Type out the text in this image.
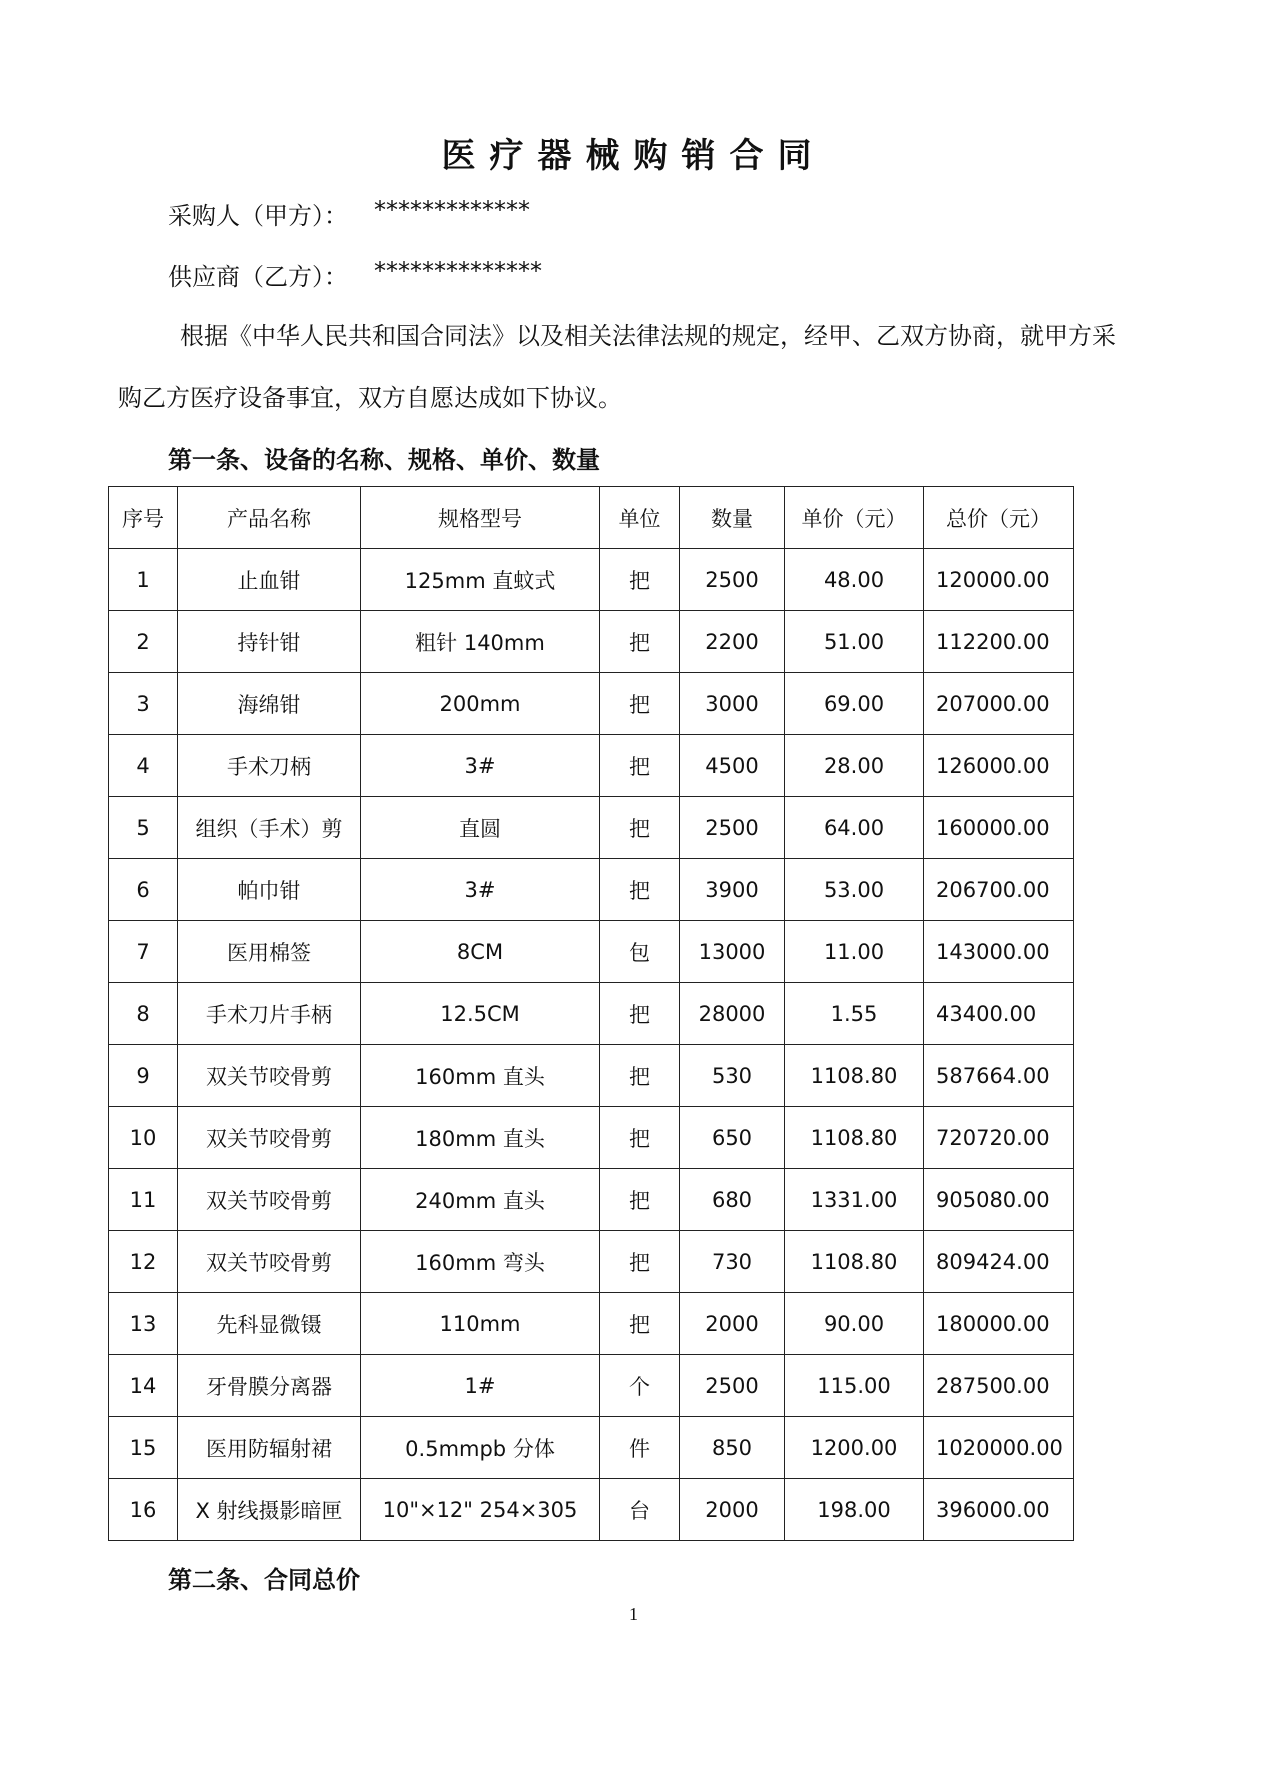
医疗器械购销合同
采购人（甲方）： *************
供应商（乙方）： **************
根据《中华人民共和国合同法》以及相关法律法规的规定，经甲、乙双方协商，就甲方采
购乙方医疗设备事宜，双方自愿达成如下协议。
第一条、设备的名称、规格、单价、数量
序号	产品名称	规格型号	单位	数量	单价（元）	总价（元）
1	止血钳	125mm 直蚊式	把	2500	48.00	120000.00
2	持针钳	粗针 140mm	把	2200	51.00	112200.00
3	海绵钳	200mm	把	3000	69.00	207000.00
4	手术刀柄	3#	把	4500	28.00	126000.00
5	组织（手术）剪	直圆	把	2500	64.00	160000.00
6	帕巾钳	3#	把	3900	53.00	206700.00
7	医用棉签	8CM	包	13000	11.00	143000.00
8	手术刀片手柄	12.5CM	把	28000	1.55	43400.00
9	双关节咬骨剪	160mm 直头	把	530	1108.80	587664.00
10	双关节咬骨剪	180mm 直头	把	650	1108.80	720720.00
11	双关节咬骨剪	240mm 直头	把	680	1331.00	905080.00
12	双关节咬骨剪	160mm 弯头	把	730	1108.80	809424.00
13	先科显微镊	110mm	把	2000	90.00	180000.00
14	牙骨膜分离器	1#	个	2500	115.00	287500.00
15	医用防辐射裙	0.5mmpb 分体	件	850	1200.00	1020000.00
16	X 射线摄影暗匣	10"×12" 254×305	台	2000	198.00	396000.00
第二条、合同总价
1
